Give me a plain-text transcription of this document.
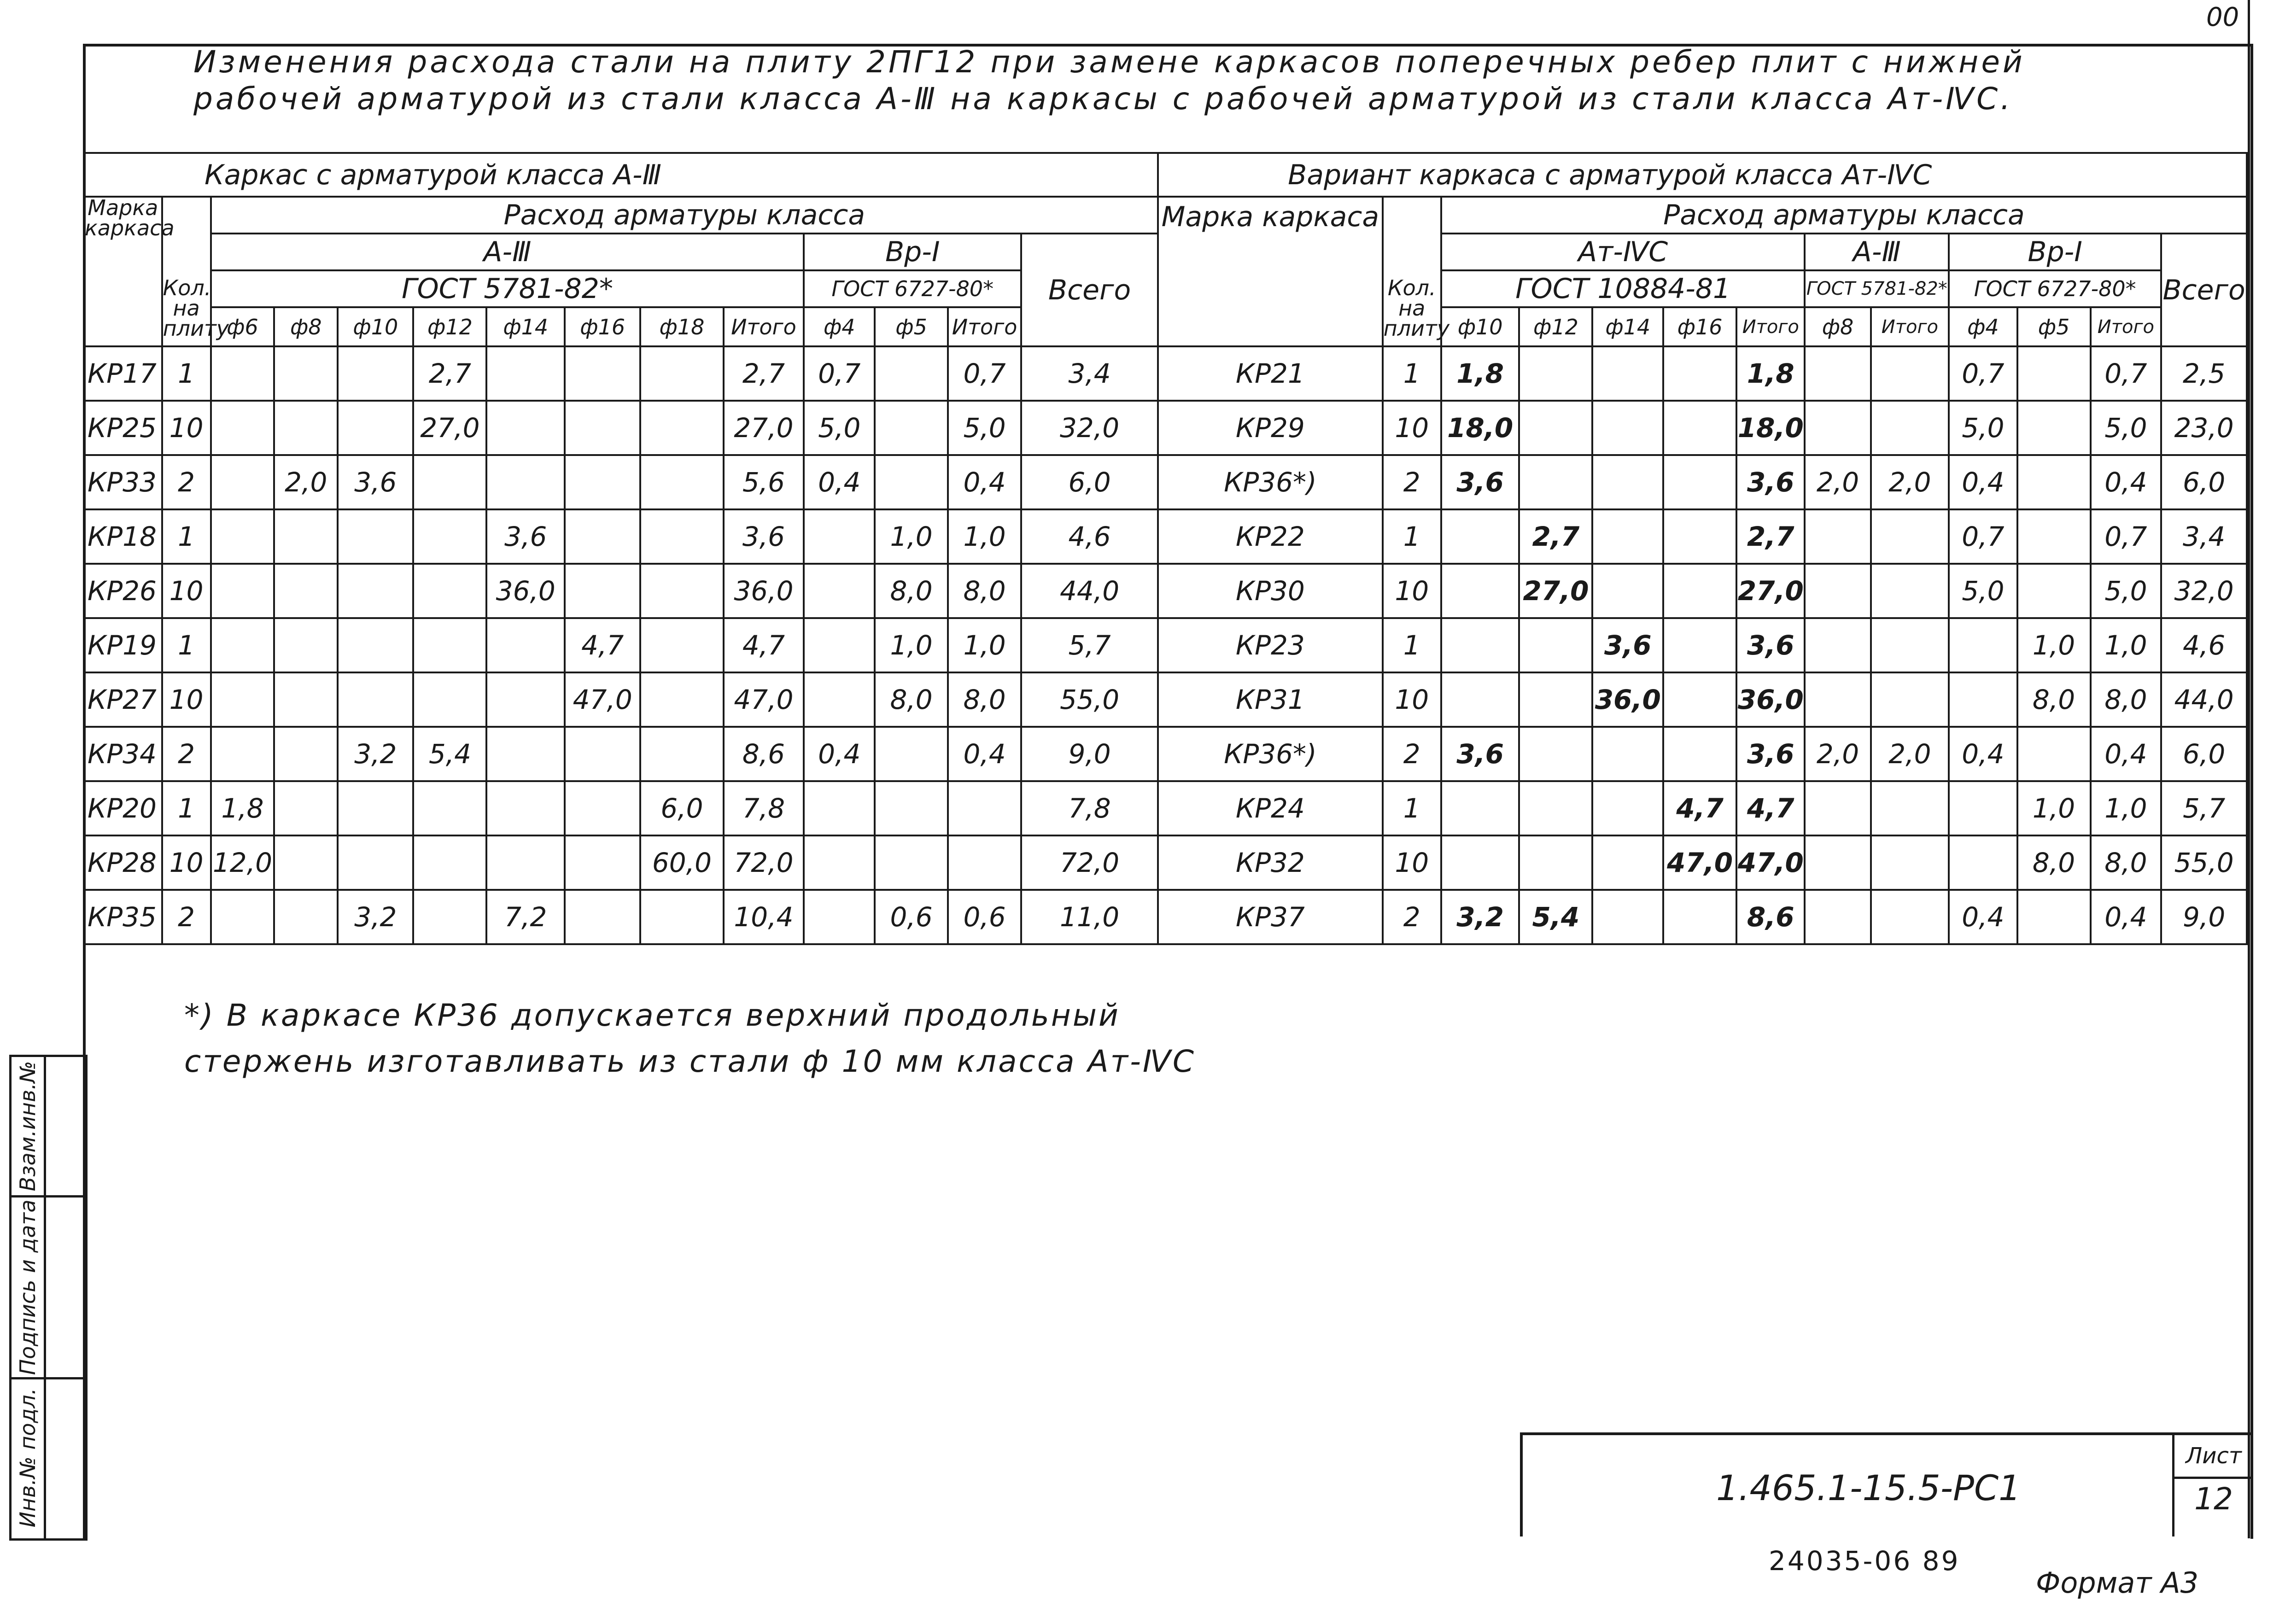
00
Изменения расхода стали на плиту 2ПГ12 при замене каркасов поперечных ребер плит с нижней
рабочей арматурой из стали класса А-Ⅲ на каркасы с рабочей арматурой из стали класса Ат-ⅣС.
Каркас с арматурой класса А-Ⅲ														Вариант каркаса с арматурой класса Ат-ⅣС												
Марка каркаса		Расход арматуры класса												Марка каркаса		Расход арматуры класса										
		А-Ⅲ								Вр-I			Всего			Ат-ⅣС					А-Ⅲ		Вр-I			Всего
	Кол. на плиту	ГОСТ 5781-82*								ГОСТ 6727-80*					Кол. на плиту	ГОСТ 10884-81					ГОСТ 5781-82*		ГОСТ 6727-80*			
		ф6	ф8	ф10	ф12	ф14	ф16	ф18	Итого	ф4	ф5	Итого				ф10	ф12	ф14	ф16	Итого	ф8	Итого	ф4	ф5	Итого	
КР17	1				2,7				2,7	0,7		0,7	3,4	КР21	1	1,8				1,8			0,7		0,7	2,5
КР25	10				27,0				27,0	5,0		5,0	32,0	КР29	10	18,0				18,0			5,0		5,0	23,0
КР33	2		2,0	3,6					5,6	0,4		0,4	6,0	КР36*)	2	3,6				3,6	2,0	2,0	0,4		0,4	6,0
КР18	1					3,6			3,6		1,0	1,0	4,6	КР22	1		2,7			2,7			0,7		0,7	3,4
КР26	10					36,0			36,0		8,0	8,0	44,0	КР30	10		27,0			27,0			5,0		5,0	32,0
КР19	1						4,7		4,7		1,0	1,0	5,7	КР23	1			3,6		3,6				1,0	1,0	4,6
КР27	10						47,0		47,0		8,0	8,0	55,0	КР31	10			36,0		36,0				8,0	8,0	44,0
КР34	2			3,2	5,4				8,6	0,4		0,4	9,0	КР36*)	2	3,6				3,6	2,0	2,0	0,4		0,4	6,0
КР20	1	1,8						6,0	7,8				7,8	КР24	1				4,7	4,7				1,0	1,0	5,7
КР28	10	12,0						60,0	72,0				72,0	КР32	10				47,0	47,0				8,0	8,0	55,0
КР35	2			3,2		7,2			10,4		0,6	0,6	11,0	КР37	2	3,2	5,4			8,6			0,4		0,4	9,0
*) В каркасе КР36 допускается верхний продольный
стержень изготавливать из стали ф 10 мм класса Ат-ⅣС
Взам.инв.№
Подпись и дата
Инв.№ подл.	1.465.1-15.5-РС1
Лист
12
24035-06 89
Формат А3
